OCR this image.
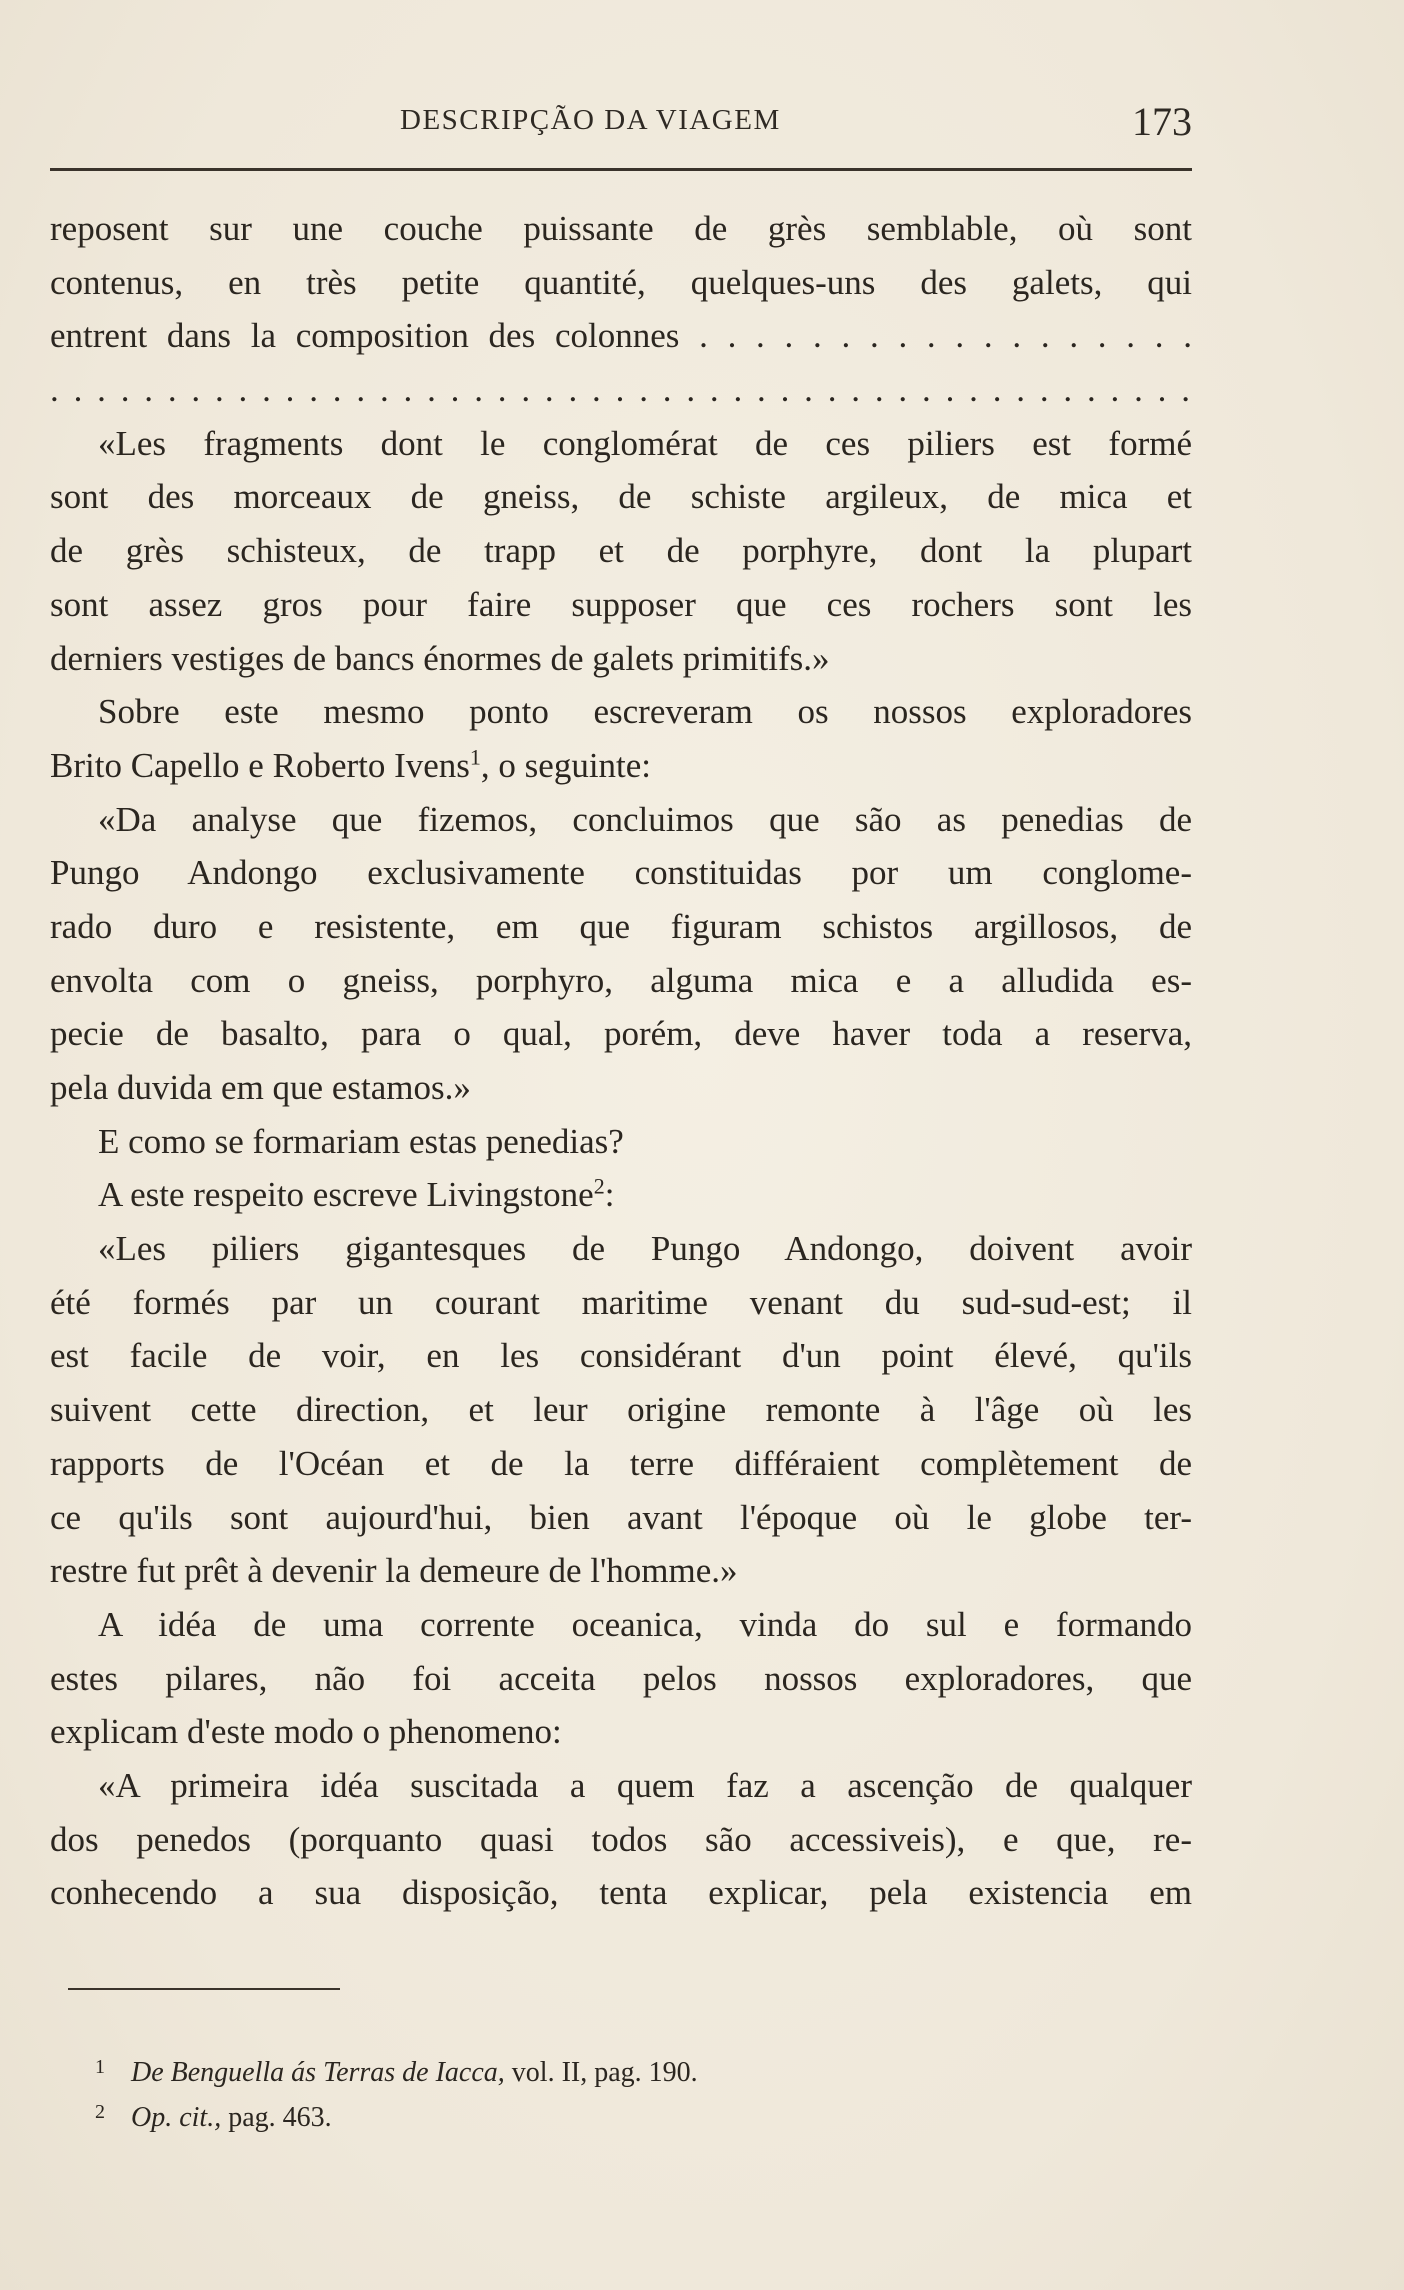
DESCRIPÇÃO DA VIAGEM	173
reposent sur une couche puissante de grès semblable, où sont
contenus, en très petite quantité, quelques-uns des galets, qui
entrent dans la composition des colonnes . . . . . . . . . . . . . . . . . .
. . . . . . . . . . . . . . . . . . . . . . . . . . . . . . . . . . . . . . . . . . . . . . . . .
«Les fragments dont le conglomérat de ces piliers est formé
sont des morceaux de gneiss, de schiste argileux, de mica et
de grès schisteux, de trapp et de porphyre, dont la plupart
sont assez gros pour faire supposer que ces rochers sont les
derniers vestiges de bancs énormes de galets primitifs.»
Sobre este mesmo ponto escreveram os nossos exploradores
Brito Capello e Roberto Ivens$^1$, o seguinte:
«Da analyse que fizemos, concluimos que são as penedias de
Pungo Andongo exclusivamente constituidas por um conglome-
rado duro e resistente, em que figuram schistos argillosos, de
envolta com o gneiss, porphyro, alguma mica e a alludida es-
pecie de basalto, para o qual, porém, deve haver toda a reserva,
pela duvida em que estamos.»
E como se formariam estas penedias?
A este respeito escreve Livingstone$^2$:
«Les piliers gigantesques de Pungo Andongo, doivent avoir
été formés par un courant maritime venant du sud-sud-est; il
est facile de voir, en les considérant d'un point élevé, qu'ils
suivent cette direction, et leur origine remonte à l'âge où les
rapports de l'Océan et de la terre différaient complètement de
ce qu'ils sont aujourd'hui, bien avant l'époque où le globe ter-
restre fut prêt à devenir la demeure de l'homme.»
A idéa de uma corrente oceanica, vinda do sul e formando
estes pilares, não foi acceita pelos nossos exploradores, que
explicam d'este modo o phenomeno:
«A primeira idéa suscitada a quem faz a ascenção de qualquer
dos penedos (porquanto quasi todos são accessiveis), e que, re-
conhecendo a sua disposição, tenta explicar, pela existencia em
1 De Benguella ás Terras de Iacca, vol. II, pag. 190.
2 Op. cit., pag. 463.
